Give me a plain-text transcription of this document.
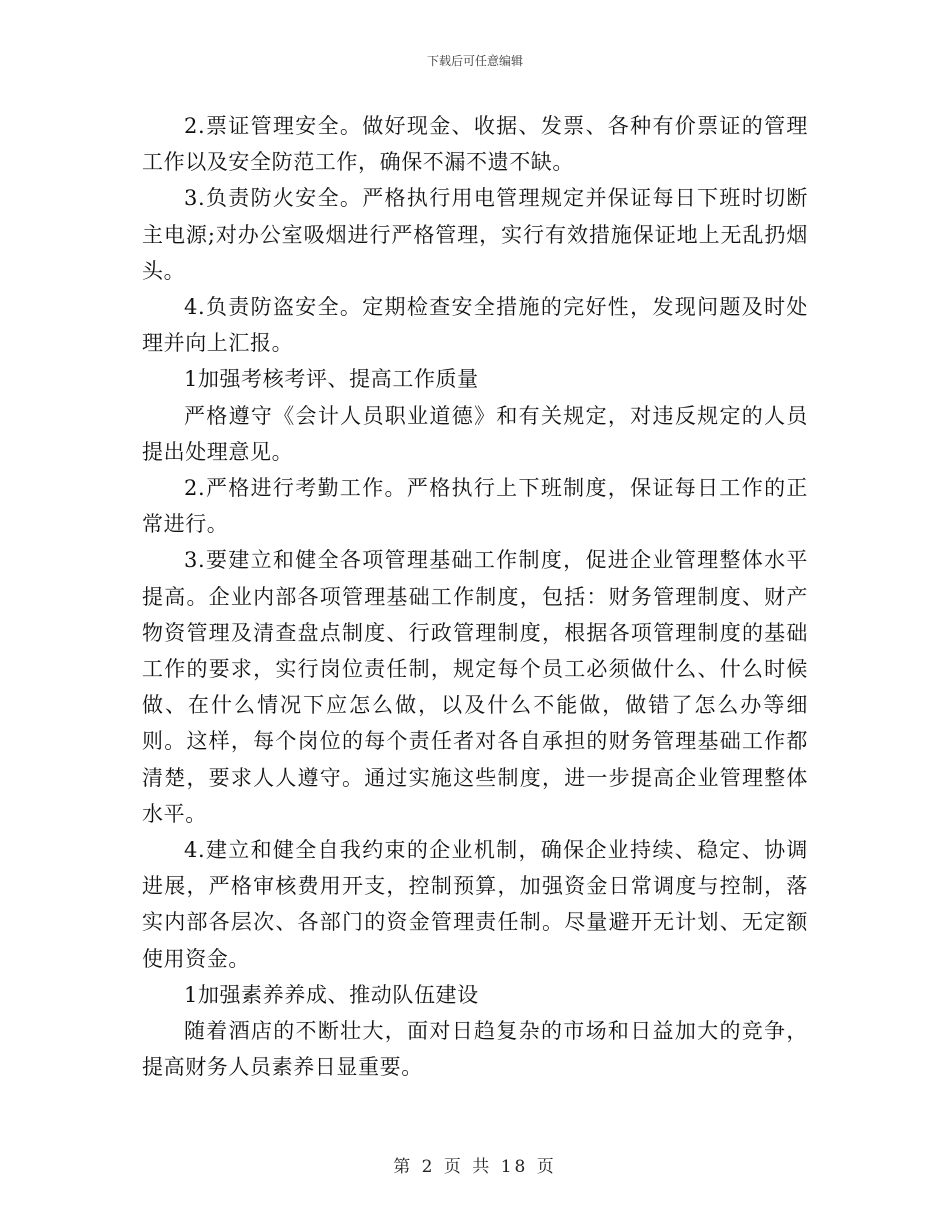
下载后可任意编辑

2.票证管理安全。做好现金、收据、发票、各种有价票证的管理工作以及安全防范工作，确保不漏不遗不缺。

3.负责防火安全。严格执行用电管理规定并保证每日下班时切断主电源;对办公室吸烟进行严格管理，实行有效措施保证地上无乱扔烟头。

4.负责防盗安全。定期检查安全措施的完好性，发现问题及时处理并向上汇报。

1加强考核考评、提高工作质量

严格遵守《会计人员职业道德》和有关规定，对违反规定的人员提出处理意见。

2.严格进行考勤工作。严格执行上下班制度，保证每日工作的正常进行。

3.要建立和健全各项管理基础工作制度，促进企业管理整体水平提高。企业内部各项管理基础工作制度，包括：财务管理制度、财产物资管理及清查盘点制度、行政管理制度，根据各项管理制度的基础工作的要求，实行岗位责任制，规定每个员工必须做什么、什么时候做、在什么情况下应怎么做，以及什么不能做，做错了怎么办等细则。这样，每个岗位的每个责任者对各自承担的财务管理基础工作都清楚，要求人人遵守。通过实施这些制度，进一步提高企业管理整体水平。

4.建立和健全自我约束的企业机制，确保企业持续、稳定、协调进展，严格审核费用开支，控制预算，加强资金日常调度与控制，落实内部各层次、各部门的资金管理责任制。尽量避开无计划、无定额使用资金。

1加强素养养成、推动队伍建设

随着酒店的不断壮大，面对日趋复杂的市场和日益加大的竞争，提高财务人员素养日显重要。

第 2 页 共 18 页
